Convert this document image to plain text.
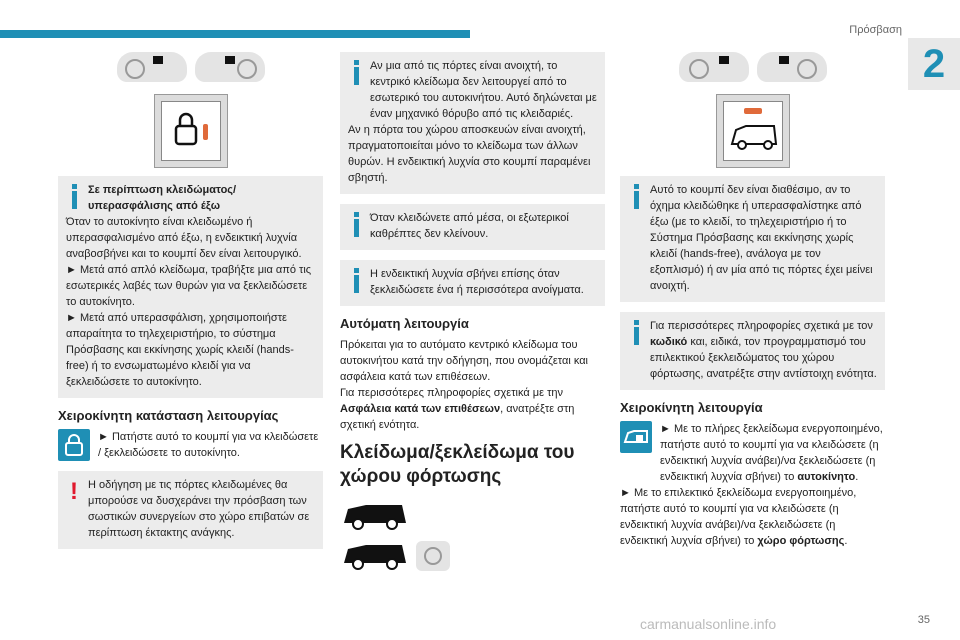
Πρόσβαση
2

Σε περίπτωση κλειδώματος/υπερασφάλισης από έξω

Όταν το αυτοκίνητο είναι κλειδωμένο ή υπερασφαλισμένο από έξω, η ενδεικτική λυχνία αναβοσβήνει και το κουμπί δεν είναι λειτουργικό.

► Μετά από απλό κλείδωμα, τραβήξτε μια από τις εσωτερικές λαβές των θυρών για να ξεκλειδώσετε το αυτοκίνητο.

► Μετά από υπερασφάλιση, χρησιμοποιήστε απαραίτητα το τηλεχειριστήριο, το σύστημα Πρόσβασης και εκκίνησης χωρίς κλειδί (hands-free) ή το ενσωματωμένο κλειδί για να ξεκλειδώσετε το αυτοκίνητο.

Χειροκίνητη κατάσταση λειτουργίας

► Πατήστε αυτό το κουμπί για να κλειδώσετε / ξεκλειδώσετε το αυτοκίνητο.

! Η οδήγηση με τις πόρτες κλειδωμένες θα μπορούσε να δυσχεράνει την πρόσβαση των σωστικών συνεργείων στο χώρο επιβατών σε περίπτωση έκτακτης ανάγκης.

Αν μια από τις πόρτες είναι ανοιχτή, το κεντρικό κλείδωμα δεν λειτουργεί από το εσωτερικό του αυτοκινήτου. Αυτό δηλώνεται με έναν μηχανικό θόρυβο από τις κλειδαριές.

Αν η πόρτα του χώρου αποσκευών είναι ανοιχτή, πραγματοποιείται μόνο το κλείδωμα των άλλων θυρών. Η ενδεικτική λυχνία στο κουμπί παραμένει σβηστή.

Όταν κλειδώνετε από μέσα, οι εξωτερικοί καθρέπτες δεν κλείνουν.

Η ενδεικτική λυχνία σβήνει επίσης όταν ξεκλειδώσετε ένα ή περισσότερα ανοίγματα.

Αυτόματη λειτουργία

Πρόκειται για το αυτόματο κεντρικό κλείδωμα του αυτοκινήτου κατά την οδήγηση, που ονομάζεται και ασφάλεια κατά των επιθέσεων.

Για περισσότερες πληροφορίες σχετικά με την Ασφάλεια κατά των επιθέσεων, ανατρέξτε στη σχετική ενότητα.

Κλείδωμα/ξεκλείδωμα του χώρου φόρτωσης

Αυτό το κουμπί δεν είναι διαθέσιμο, αν το όχημα κλειδώθηκε ή υπερασφαλίστηκε από έξω (με το κλειδί, το τηλεχειριστήριο ή το Σύστημα Πρόσβασης και εκκίνησης χωρίς κλειδί (hands-free), ανάλογα με τον εξοπλισμό) ή αν μία από τις πόρτες έχει μείνει ανοιχτή.

Για περισσότερες πληροφορίες σχετικά με τον κωδικό και, ειδικά, τον προγραμματισμό του επιλεκτικού ξεκλειδώματος του χώρου φόρτωσης, ανατρέξτε στην αντίστοιχη ενότητα.

Χειροκίνητη λειτουργία

► Με το πλήρες ξεκλείδωμα ενεργοποιημένο, πατήστε αυτό το κουμπί για να κλειδώσετε (η ενδεικτική λυχνία ανάβει)/να ξεκλειδώσετε (η ενδεικτική λυχνία σβήνει) το αυτοκίνητο.

► Με το επιλεκτικό ξεκλείδωμα ενεργοποιημένο, πατήστε αυτό το κουμπί για να κλειδώσετε (η ενδεικτική λυχνία ανάβει)/να ξεκλειδώσετε (η ενδεικτική λυχνία σβήνει) το χώρο φόρτωσης.

carmanualsonline.info	35
